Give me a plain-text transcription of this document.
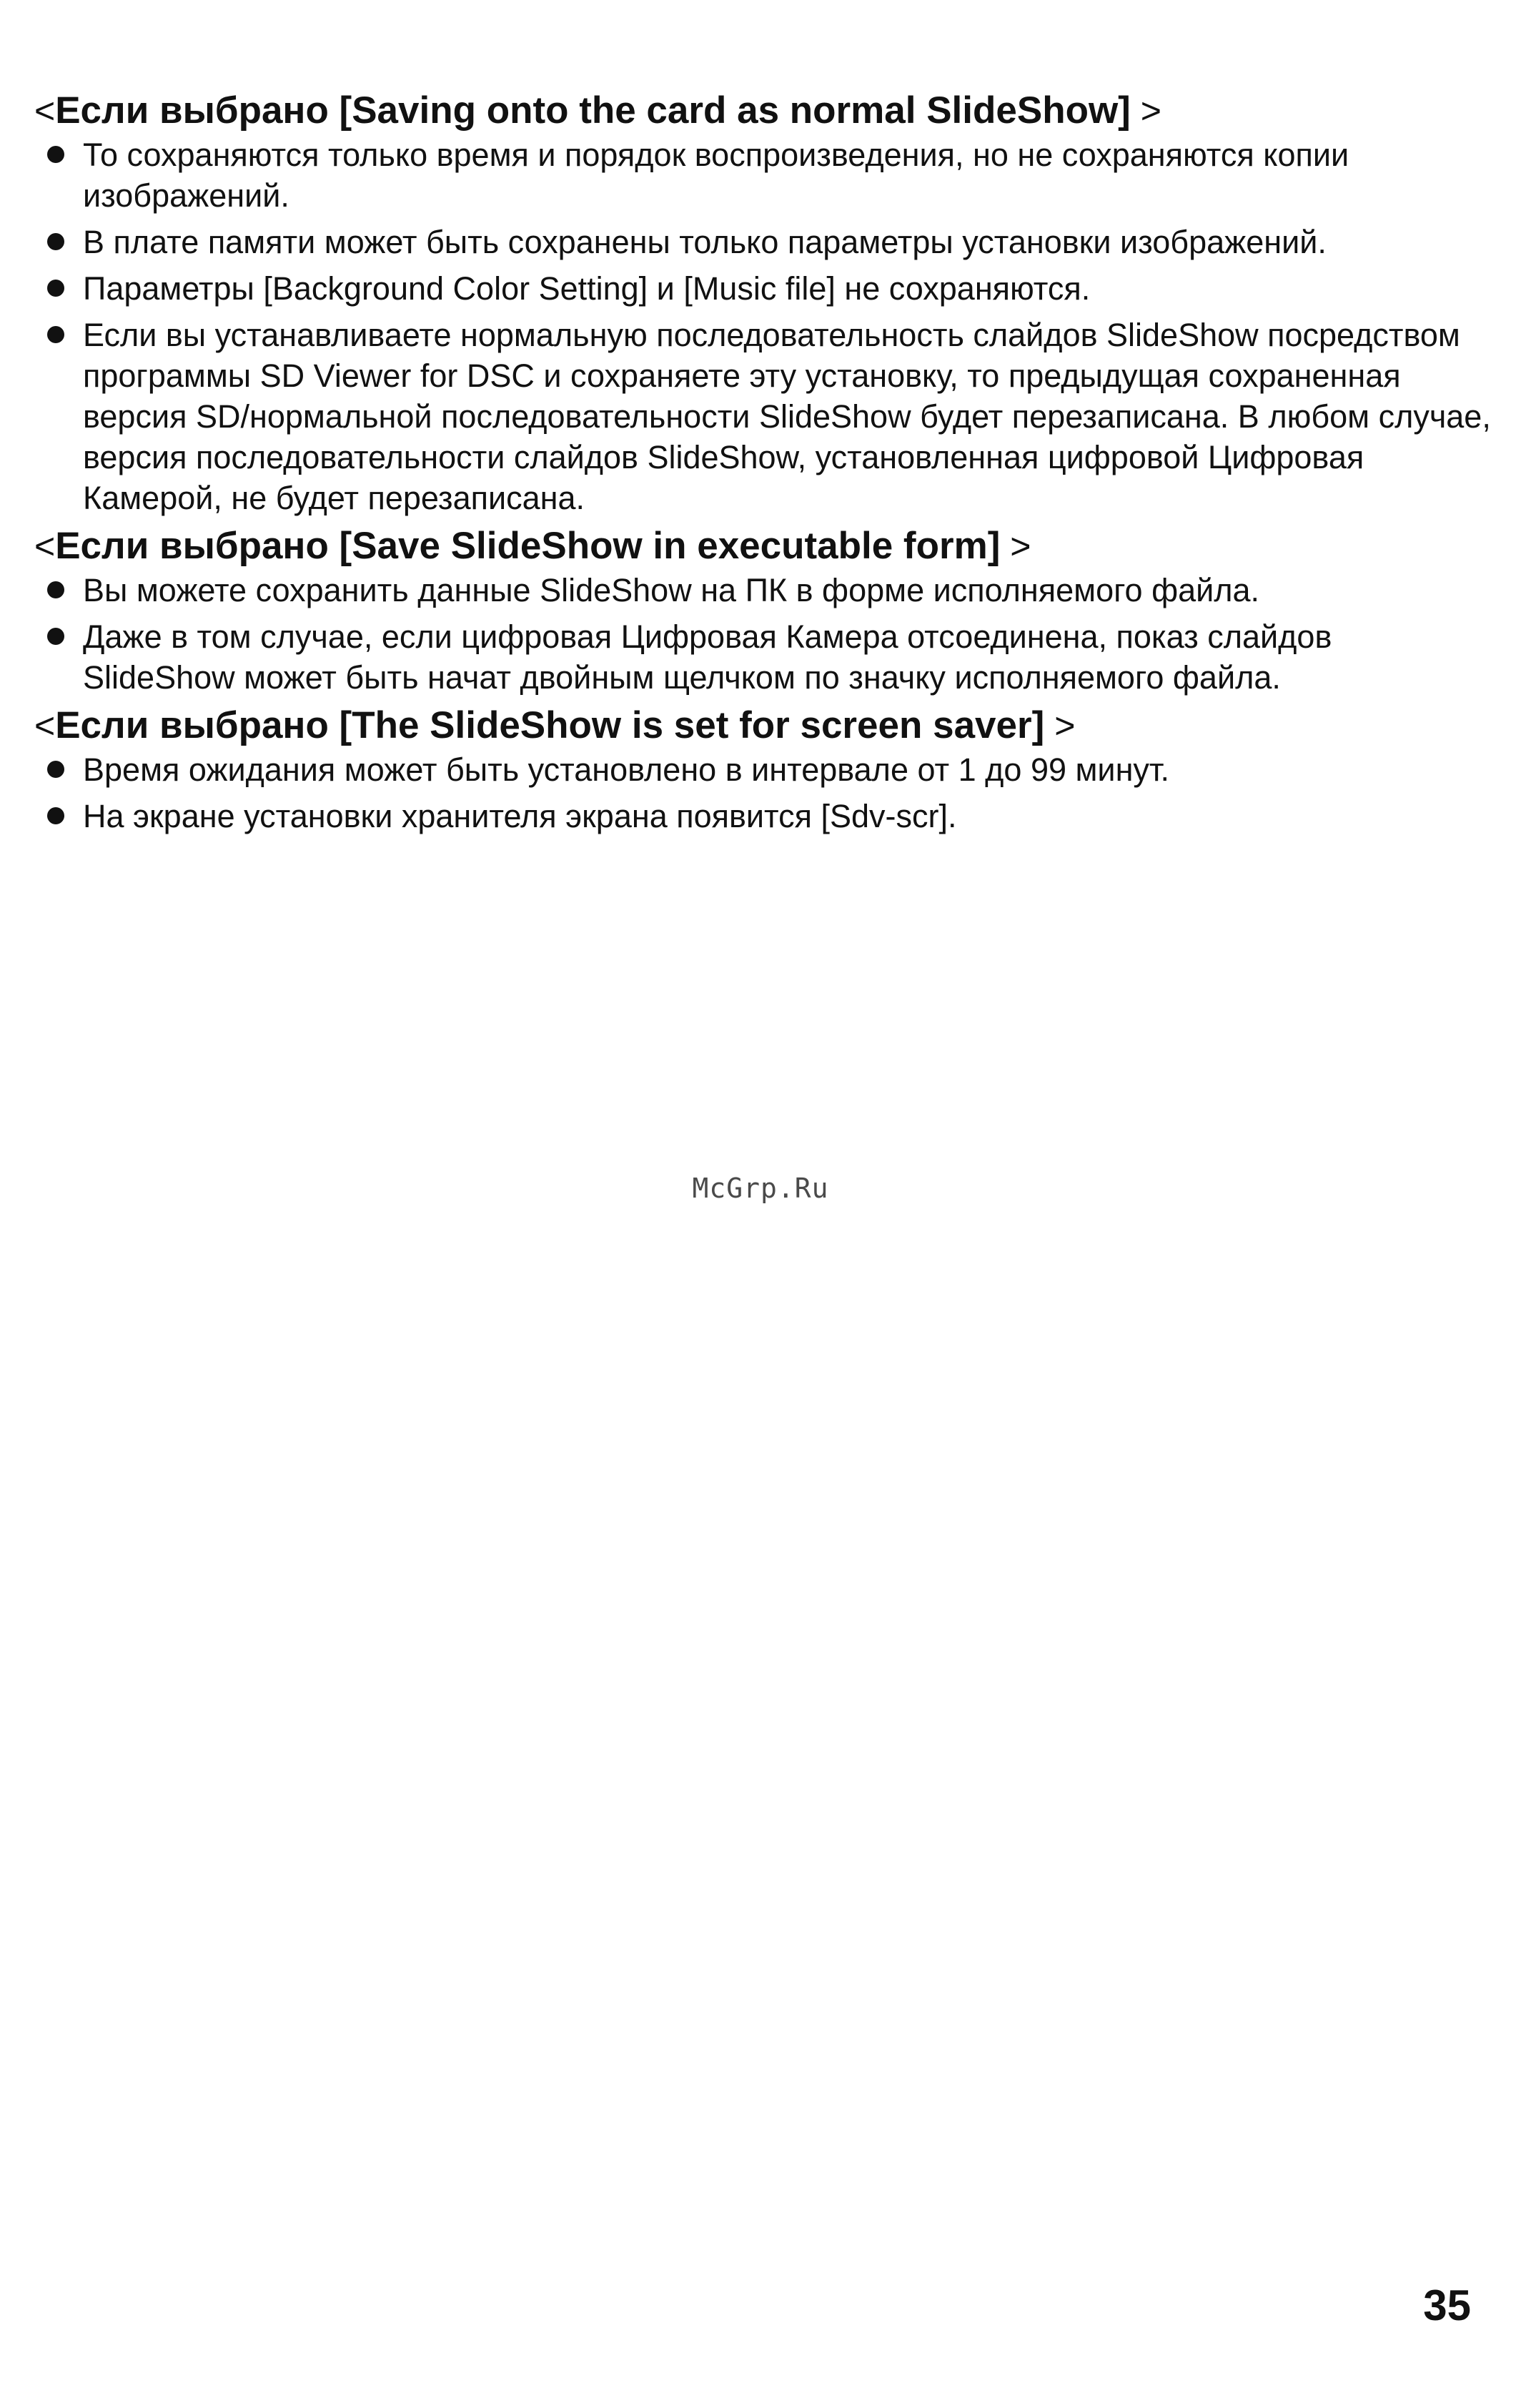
<Если выбрано [Saving onto the card as normal SlideShow] >
То сохраняются только время и порядок воспроизведения, но не сохраняются копии изображений.
В плате памяти может быть сохранены только параметры установки изображений.
Параметры [Background Color Setting] и [Music file] не сохраняются.
Если вы устанавливаете нормальную последовательность слайдов SlideShow посредством программы SD Viewer for DSC и сохраняете эту установку, то предыдущая сохраненная версия SD/нормальной последовательности SlideShow будет перезаписана. В любом случае, версия последовательности слайдов SlideShow, установленная цифровой Цифровая Камерой, не будет перезаписана.
<Если выбрано [Save SlideShow in executable form] >
Вы можете сохранить данные SlideShow на ПК в форме исполняемого файла.
Даже в том случае, если цифровая Цифровая Камера отсоединена, показ слайдов SlideShow может быть начат двойным щелчком по значку исполняемого файла.
<Если выбрано [The SlideShow is set for screen saver] >
Время ожидания может быть установлено в интервале от 1 до 99 минут.
На экране установки хранителя экрана появится [Sdv-scr].
McGrp.Ru
35
